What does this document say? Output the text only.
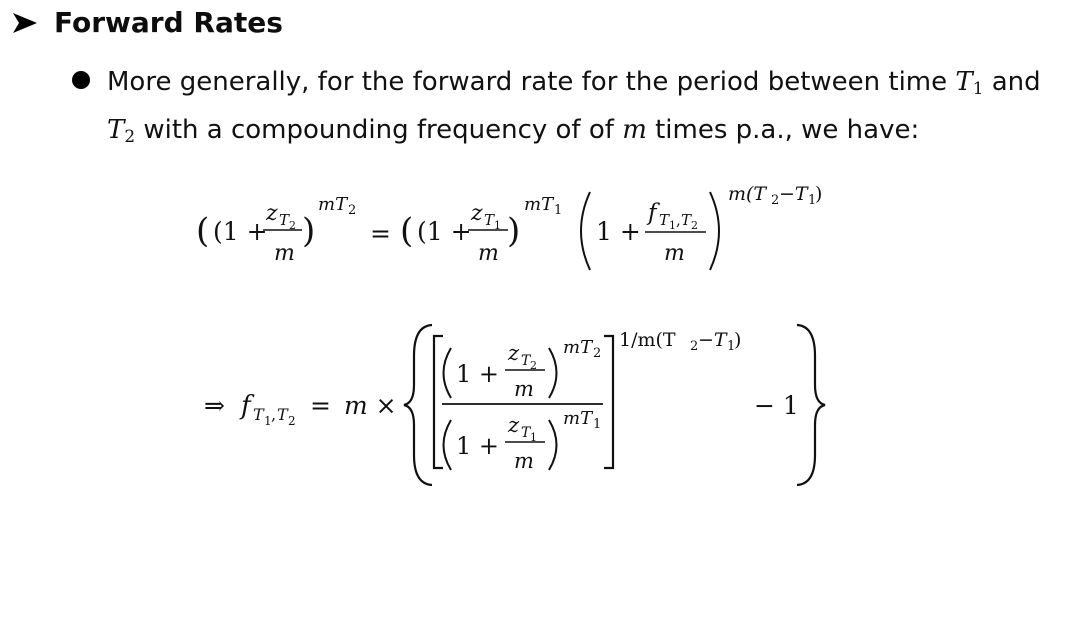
Forward Rates
More generally, for the forward rate for the period between time $T_1$ and
$T_2$ with a compounding frequency of of m times p.a., we have:
( (1 +
z T 2
m
)
mT 2
= ( (1 +
z T 1
m
)
mT 1
1 +
f T 1 , T 2
m
m(T 2 −T 1
)
⇒ f T 1 , T 2
= m ×
1 +
z T 2
m
mT 2
1 +
z T 1
m
mT 1
1/m(T 2 −T 1
)
− 1
